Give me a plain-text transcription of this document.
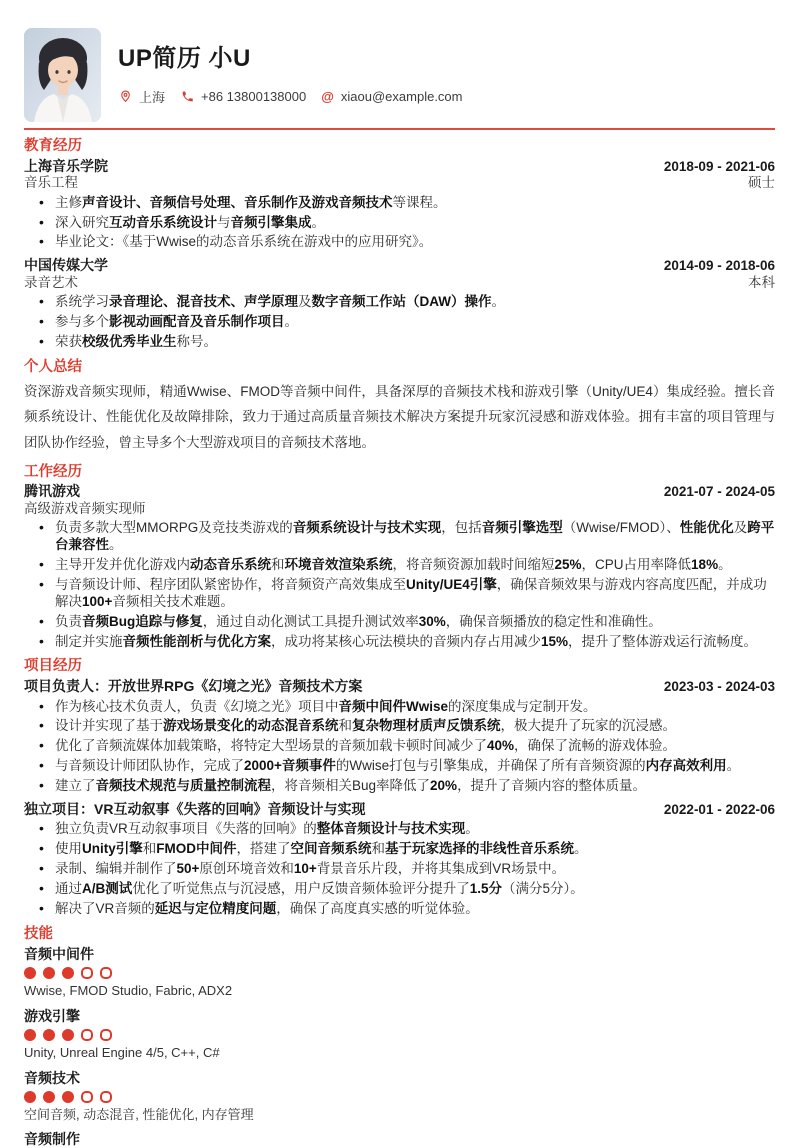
UP简历 小U
上海	+86 13800138000 @ xiaou@example.com
教育经历
上海音乐学院	2018-09 - 2021-06
音乐工程	硕士
• 主修声音设计、音频信号处理、音乐制作及游戏音频技术等课程。
• 深入研究互动音乐系统设计与音频引擎集成。
• 毕业论文：《基于Wwise的动态音乐系统在游戏中的应用研究》。
中国传媒大学	2014-09 - 2018-06
录音艺术	本科
• 系统学习录音理论、混音技术、声学原理及数字音频工作站（DAW）操作。
• 参与多个影视动画配音及音乐制作项目。
• 荣获校级优秀毕业生称号。
个人总结
资深游戏音频实现师，精通Wwise、FMOD等音频中间件，具备深厚的音频技术栈和游戏引擎（Unity/UE4）集成经验。擅长音频系统设计、性能优化及故障排除，致力于通过高质量音频技术解决方案提升玩家沉浸感和游戏体验。拥有丰富的项目管理与团队协作经验，曾主导多个大型游戏项目的音频技术落地。
工作经历
腾讯游戏	2021-07 - 2024-05
高级游戏音频实现师
• 负责多款大型MMORPG及竞技类游戏的音频系统设计与技术实现，包括音频引擎选型（Wwise/FMOD）、性能优化及跨平台兼容性。
• 主导开发并优化游戏内动态音乐系统和环境音效渲染系统，将音频资源加载时间缩短25%，CPU占用率降低18%。
• 与音频设计师、程序团队紧密协作，将音频资产高效集成至Unity/UE4引擎，确保音频效果与游戏内容高度匹配，并成功解决100+音频相关技术难题。
• 负责音频Bug追踪与修复，通过自动化测试工具提升测试效率30%，确保音频播放的稳定性和准确性。
• 制定并实施音频性能剖析与优化方案，成功将某核心玩法模块的音频内存占用减少15%，提升了整体游戏运行流畅度。
项目经历
项目负责人：开放世界RPG《幻境之光》音频技术方案	2023-03 - 2024-03
• 作为核心技术负责人，负责《幻境之光》项目中音频中间件Wwise的深度集成与定制开发。
• 设计并实现了基于游戏场景变化的动态混音系统和复杂物理材质声反馈系统，极大提升了玩家的沉浸感。
• 优化了音频流媒体加载策略，将特定大型场景的音频加载卡顿时间减少了40%，确保了流畅的游戏体验。
• 与音频设计师团队协作，完成了2000+音频事件的Wwise打包与引擎集成，并确保了所有音频资源的内存高效利用。
• 建立了音频技术规范与质量控制流程，将音频相关Bug率降低了20%，提升了音频内容的整体质量。
独立项目：VR互动叙事《失落的回响》音频设计与实现	2022-01 - 2022-06
• 独立负责VR互动叙事项目《失落的回响》的整体音频设计与技术实现。
• 使用Unity引擎和FMOD中间件，搭建了空间音频系统和基于玩家选择的非线性音乐系统。
• 录制、编辑并制作了50+原创环境音效和10+背景音乐片段，并将其集成到VR场景中。
• 通过A/B测试优化了听觉焦点与沉浸感，用户反馈音频体验评分提升了1.5分（满分5分）。
• 解决了VR音频的延迟与定位精度问题，确保了高度真实感的听觉体验。
技能
音频中间件
Wwise, FMOD Studio, Fabric, ADX2
游戏引擎
Unity, Unreal Engine 4/5, C++, C#
音频技术
空间音频, 动态混音, 性能优化, 内存管理
音频制作
